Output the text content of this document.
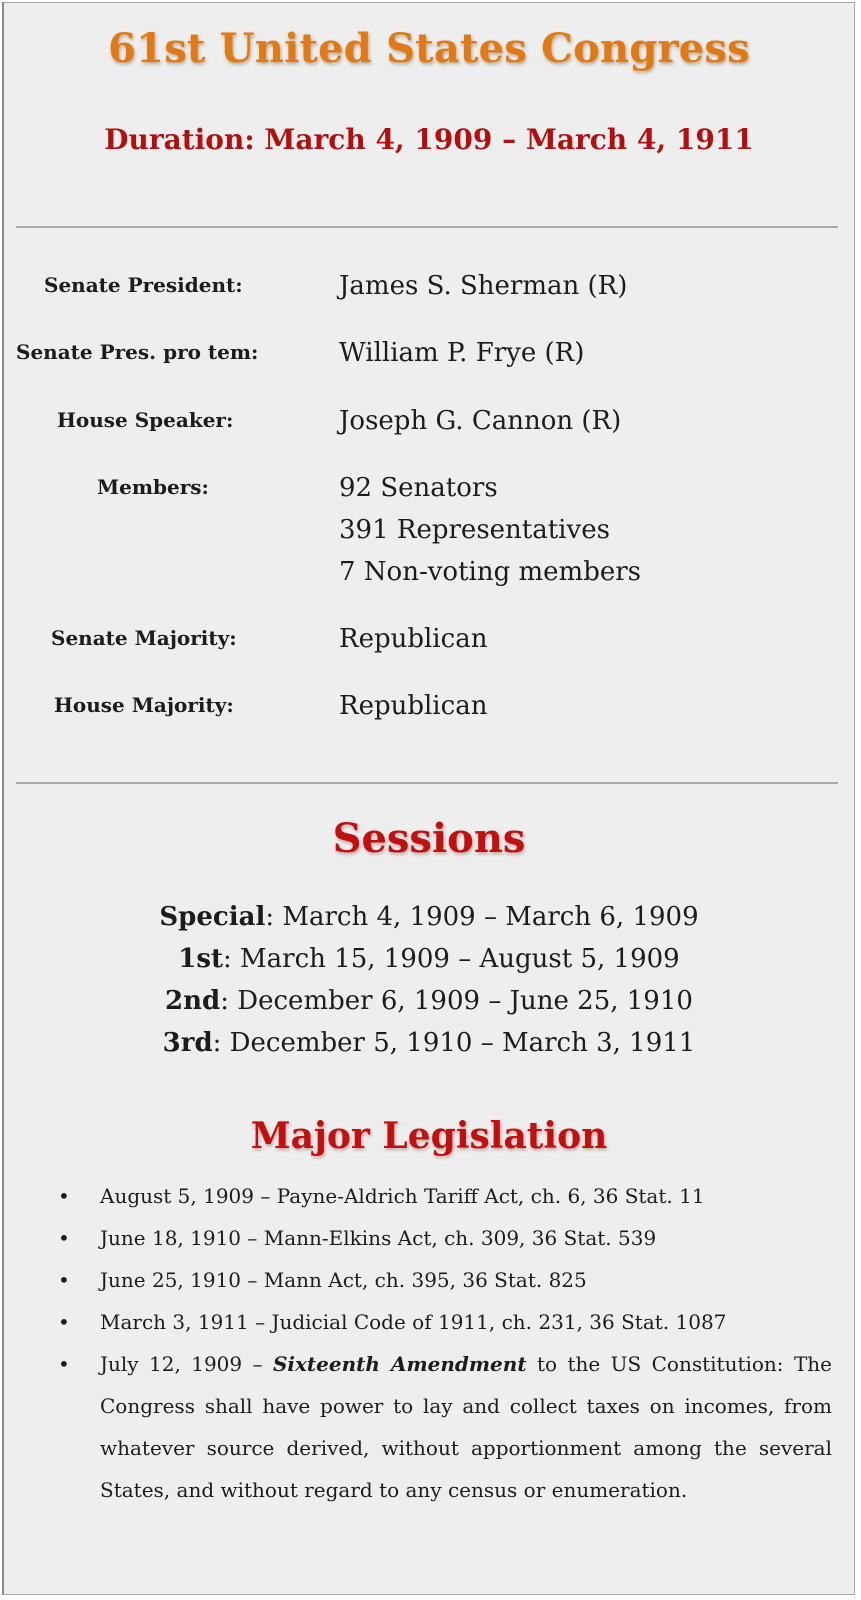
61st United States Congress
Duration: March 4, 1909 – March 4, 1911
Senate President:	James S. Sherman (R)
Senate Pres. pro tem:	William P. Frye (R)
House Speaker:	Joseph G. Cannon (R)
Members:	92 Senators
391 Representatives
7 Non-voting members
Senate Majority:	Republican
House Majority:	Republican
Sessions
Special: March 4, 1909 – March 6, 1909
1st: March 15, 1909 – August 5, 1909
2nd: December 6, 1909 – June 25, 1910
3rd: December 5, 1910 – March 3, 1911
Major Legislation
• August 5, 1909 – Payne-Aldrich Tariff Act, ch. 6, 36 Stat. 11
• June 18, 1910 – Mann-Elkins Act, ch. 309, 36 Stat. 539
• June 25, 1910 – Mann Act, ch. 395, 36 Stat. 825
• March 3, 1911 – Judicial Code of 1911, ch. 231, 36 Stat. 1087
• July 12, 1909 – Sixteenth Amendment to the US Constitution: The Congress shall have power to lay and collect taxes on incomes, from whatever source derived, without apportionment among the several States, and without regard to any census or enumeration.
